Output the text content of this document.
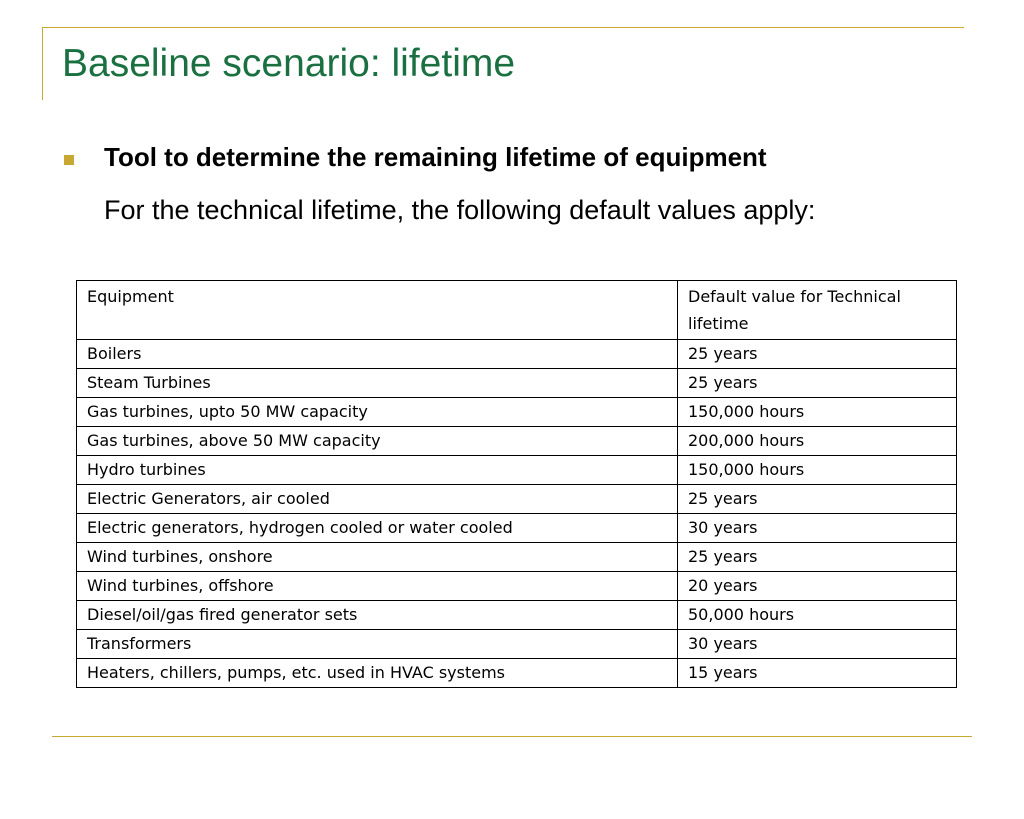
Baseline scenario: lifetime
Tool to determine the remaining lifetime of equipment
For the technical lifetime, the following default values apply:
Equipment	Default value for Technical lifetime
Boilers	25 years
Steam Turbines	25 years
Gas turbines, upto 50 MW capacity	150,000 hours
Gas turbines, above 50 MW capacity	200,000 hours
Hydro turbines	150,000 hours
Electric Generators, air cooled	25 years
Electric generators, hydrogen cooled or water cooled	30 years
Wind turbines, onshore	25 years
Wind turbines, offshore	20 years
Diesel/oil/gas fired generator sets	50,000 hours
Transformers	30 years
Heaters, chillers, pumps, etc. used in HVAC systems	15 years
